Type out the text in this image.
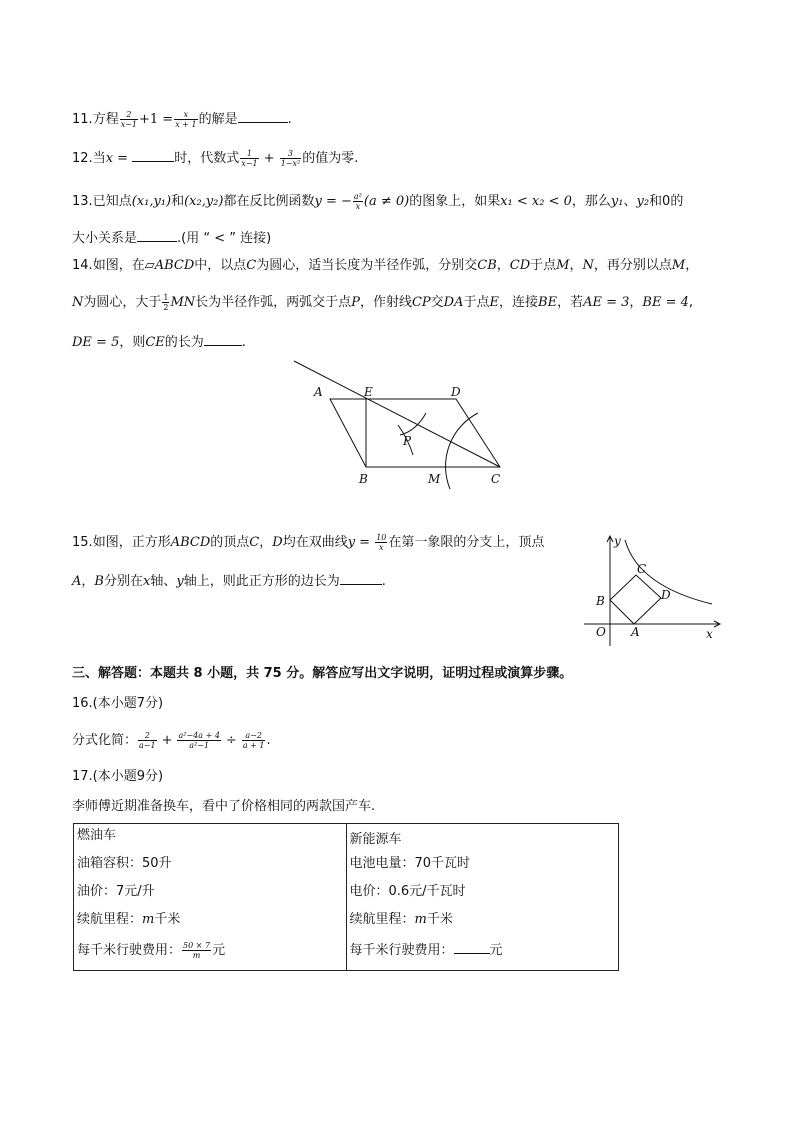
11.方程 $\frac{2}{x-1} +1 = \frac{x}{x + 1}$ 的解是	.
12.当x =	时，代数式 $\frac{1}{x-1} + \frac{3}{\text{1−x²}}$ 的值为零.
13.已知点(x₁,y₁)和(x₂,y₂)都在反比例函数y = − $\frac{\text{a²}}{x} (a \ne 0)$的图象上，如果x₁ < x₂ < 0，那么y₁、y₂和0的
大小关系是	.(用 “ < ” 连接)
14.如图，在▱ABCD中，以点C为圆心，适当长度为半径作弧，分别交CB，CD于点M，N，再分别以点M，
N为圆心，大于 $\frac{1}{2}$ MN长为半径作弧，两弧交于点P，作射线CP交DA于点E，连接BE，若AE = 3，BE = 4,
DE = 5，则CE的长为	.
A	E	D
P
B	M	C
15.如图，正方形ABCD的顶点C，D均在双曲线$y = \frac{10}{x}$ 在第一象限的分支上，顶点
A，B分别在x轴、y轴上，则此正方形的边长为	.
y
x
O A
B
C
D
三、解答题：本题共 8 小题，共 75 分。解答应写出文字说明，证明过程或演算步骤。
16.(本小题7分)
分式化简： $\frac{2}{a-1} + \frac{\text{a²−4a + 4}}{\text{a²−1}} \div \frac{a-2}{a + 1}$ .
17.(本小题9分)
李师傅近期准备换车，看中了价格相同的两款国产车.
燃油车
油箱容积：50升
油价：7元/升
续航里程：m千米
每千米行驶费用： $\frac{50 \times 7}{m}$ 元

新能源车
电池电量：70千瓦时
电价：0.6元/千瓦时
续航里程：m千米
每千米行驶费用：	元
